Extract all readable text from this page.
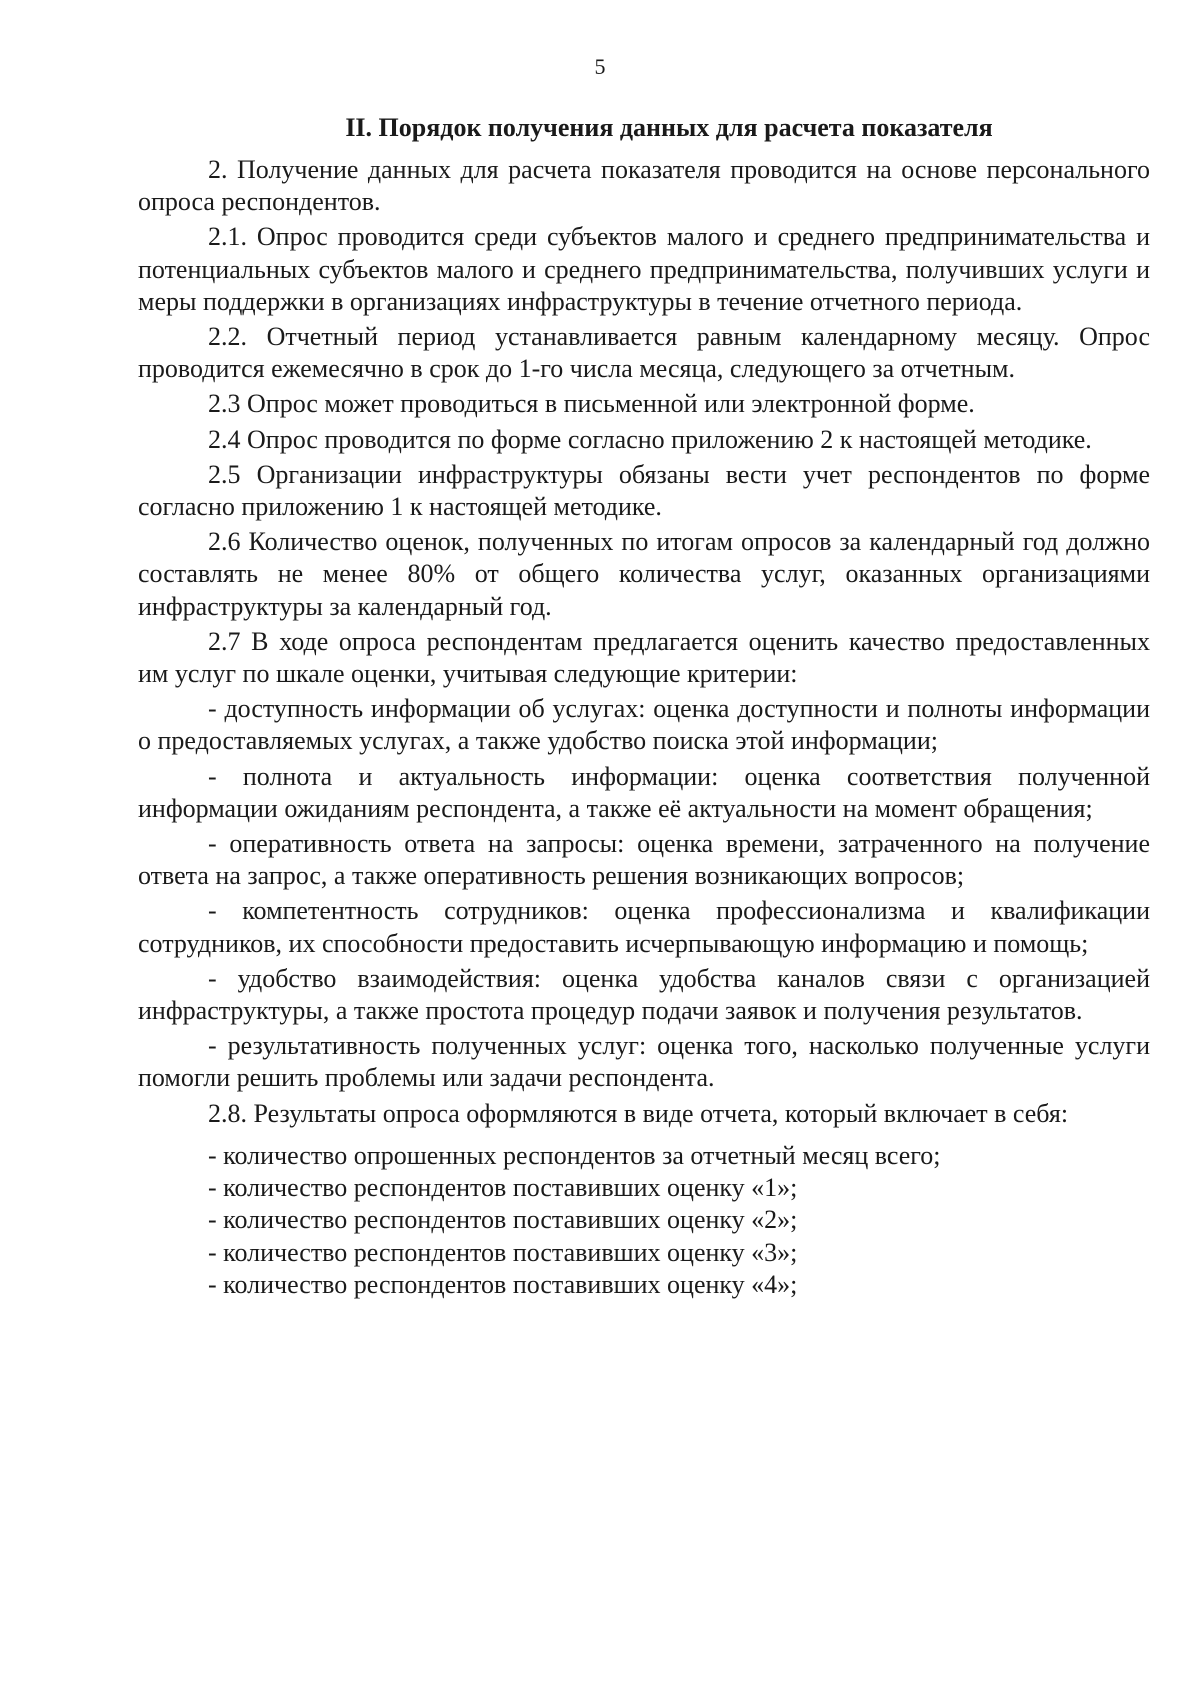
5
II. Порядок получения данных для расчета показателя

2. Получение данных для расчета показателя проводится на основе персонального опроса респондентов.

2.1. Опрос проводится среди субъектов малого и среднего предпринимательства и потенциальных субъектов малого и среднего предпринимательства, получивших услуги и меры поддержки в организациях инфраструктуры в течение отчетного периода.

2.2. Отчетный период устанавливается равным календарному месяцу. Опрос проводится ежемесячно в срок до 1-го числа месяца, следующего за отчетным.

2.3 Опрос может проводиться в письменной или электронной форме.

2.4 Опрос проводится по форме согласно приложению 2 к настоящей методике.

2.5 Организации инфраструктуры обязаны вести учет респондентов по форме согласно приложению 1 к настоящей методике.

2.6 Количество оценок, полученных по итогам опросов за календарный год должно составлять не менее 80% от общего количества услуг, оказанных организациями инфраструктуры за календарный год.

2.7 В ходе опроса респондентам предлагается оценить качество предоставленных им услуг по шкале оценки, учитывая следующие критерии:

- доступность информации об услугах: оценка доступности и полноты информации о предоставляемых услугах, а также удобство поиска этой информации;

- полнота и актуальность информации: оценка соответствия полученной информации ожиданиям респондента, а также её актуальности на момент обращения;

- оперативность ответа на запросы: оценка времени, затраченного на получение ответа на запрос, а также оперативность решения возникающих вопросов;

- компетентность сотрудников: оценка профессионализма и квалификации сотрудников, их способности предоставить исчерпывающую информацию и помощь;

- удобство взаимодействия: оценка удобства каналов связи с организацией инфраструктуры, а также простота процедур подачи заявок и получения результатов.

- результативность полученных услуг: оценка того, насколько полученные услуги помогли решить проблемы или задачи респондента.

2.8. Результаты опроса оформляются в виде отчета, который включает в себя:

- количество опрошенных респондентов за отчетный месяц всего;

- количество респондентов поставивших оценку «1»;

- количество респондентов поставивших оценку «2»;

- количество респондентов поставивших оценку «3»;

- количество респондентов поставивших оценку «4»;
